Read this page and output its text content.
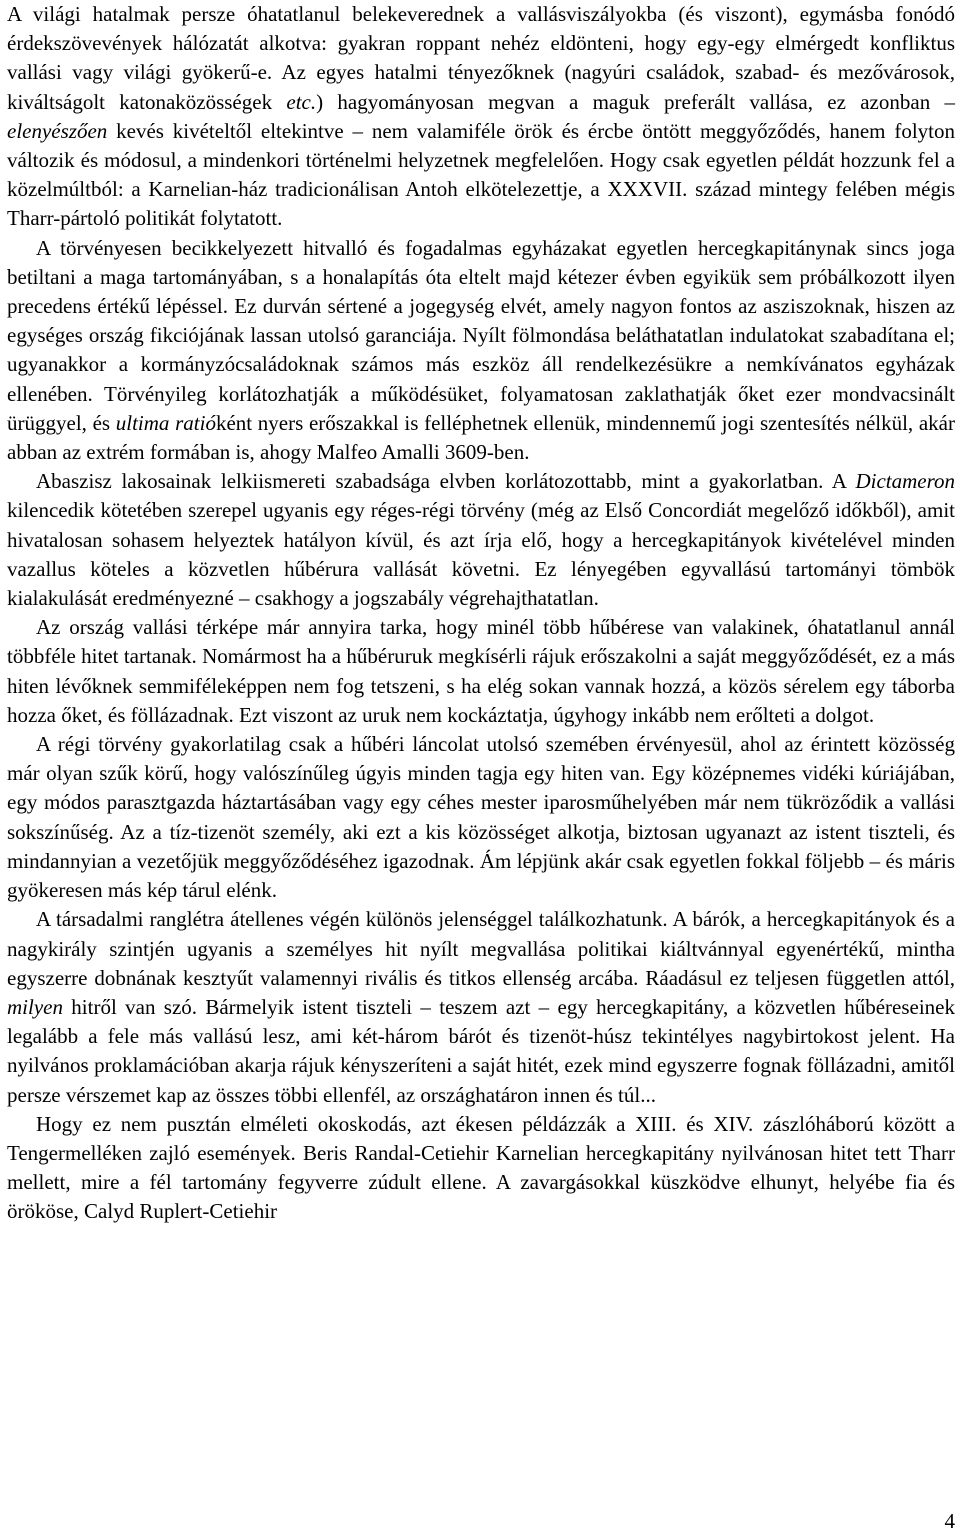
A világi hatalmak persze óhatatlanul belekeverednek a vallásviszályokba (és viszont), egymásba fonódó érdekszövevények hálózatát alkotva: gyakran roppant nehéz eldönteni, hogy egy-egy elmérgedt konfliktus vallási vagy világi gyökerű-e. Az egyes hatalmi tényezőknek (nagyúri családok, szabad- és mezővárosok, kiváltságolt katonaközösségek etc.) hagyományosan megvan a maguk preferált vallása, ez azonban – elenyészően kevés kivételtől eltekintve – nem valamiféle örök és ércbe öntött meggyőződés, hanem folyton változik és módosul, a mindenkori történelmi helyzetnek megfelelően. Hogy csak egyetlen példát hozzunk fel a közelmúltból: a Karnelian-ház tradicionálisan Antoh elkötelezettje, a XXXVII. század mintegy felében mégis Tharr-pártoló politikát folytatott.

A törvényesen becikkelyezett hitvalló és fogadalmas egyházakat egyetlen hercegkapitánynak sincs joga betiltani a maga tartományában, s a honalapítás óta eltelt majd kétezer évben egyikük sem próbálkozott ilyen precedens értékű lépéssel. Ez durván sértené a jogegység elvét, amely nagyon fontos az asziszoknak, hiszen az egységes ország fikciójának lassan utolsó garanciája. Nyílt fölmondása beláthatatlan indulatokat szabadítana el; ugyanakkor a kormányzócsaládoknak számos más eszköz áll rendelkezésükre a nemkívánatos egyházak ellenében. Törvényileg korlátozhatják a működésüket, folyamatosan zaklathatják őket ezer mondvacsinált ürüggyel, és ultima ratióként nyers erőszakkal is felléphetnek ellenük, mindennemű jogi szentesítés nélkül, akár abban az extrém formában is, ahogy Malfeo Amalli 3609-ben.

Abaszisz lakosainak lelkiismereti szabadsága elvben korlátozottabb, mint a gyakorlatban. A Dictameron kilencedik kötetében szerepel ugyanis egy réges-régi törvény (még az Első Concordiát megelőző időkből), amit hivatalosan sohasem helyeztek hatályon kívül, és azt írja elő, hogy a hercegkapitányok kivételével minden vazallus köteles a közvetlen hűbérura vallását követni. Ez lényegében egyvallású tartományi tömbök kialakulását eredményezné – csakhogy a jogszabály végrehajthatatlan.

Az ország vallási térképe már annyira tarka, hogy minél több hűbérese van valakinek, óhatatlanul annál többféle hitet tartanak. Nomármost ha a hűbéruruk megkísérli rájuk erőszakolni a saját meggyőződését, ez a más hiten lévőknek semmiféleképpen nem fog tetszeni, s ha elég sokan vannak hozzá, a közös sérelem egy táborba hozza őket, és föllázadnak. Ezt viszont az uruk nem kockáztatja, úgyhogy inkább nem erőlteti a dolgot.

A régi törvény gyakorlatilag csak a hűbéri láncolat utolsó szemében érvényesül, ahol az érintett közösség már olyan szűk körű, hogy valószínűleg úgyis minden tagja egy hiten van. Egy középnemes vidéki kúriájában, egy módos parasztgazda háztartásában vagy egy céhes mester iparosműhelyében már nem tükröződik a vallási sokszínűség. Az a tíz-tizenöt személy, aki ezt a kis közösséget alkotja, biztosan ugyanazt az istent tiszteli, és mindannyian a vezetőjük meggyőződéséhez igazodnak. Ám lépjünk akár csak egyetlen fokkal följebb – és máris gyökeresen más kép tárul elénk.

A társadalmi ranglétra átellenes végén különös jelenséggel találkozhatunk. A bárók, a hercegkapitányok és a nagykirály szintjén ugyanis a személyes hit nyílt megvallása politikai kiáltvánnyal egyenértékű, mintha egyszerre dobnának kesztyűt valamennyi rivális és titkos ellenség arcába. Ráadásul ez teljesen független attól, milyen hitről van szó. Bármelyik istent tiszteli – teszem azt – egy hercegkapitány, a közvetlen hűbéreseinek legalább a fele más vallású lesz, ami két-három bárót és tizenöt-húsz tekintélyes nagybirtokost jelent. Ha nyilvános proklamációban akarja rájuk kényszeríteni a saját hitét, ezek mind egyszerre fognak föllázadni, amitől persze vérszemet kap az összes többi ellenfél, az országhatáron innen és túl...

Hogy ez nem pusztán elméleti okoskodás, azt ékesen példázzák a XIII. és XIV. zászlóháború között a Tengermelléken zajló események. Beris Randal-Cetiehir Karnelian hercegkapitány nyilvánosan hitet tett Tharr mellett, mire a fél tartomány fegyverre zúdult ellene. A zavargásokkal küszködve elhunyt, helyébe fia és örököse, Calyd Ruplert-Cetiehir

4
